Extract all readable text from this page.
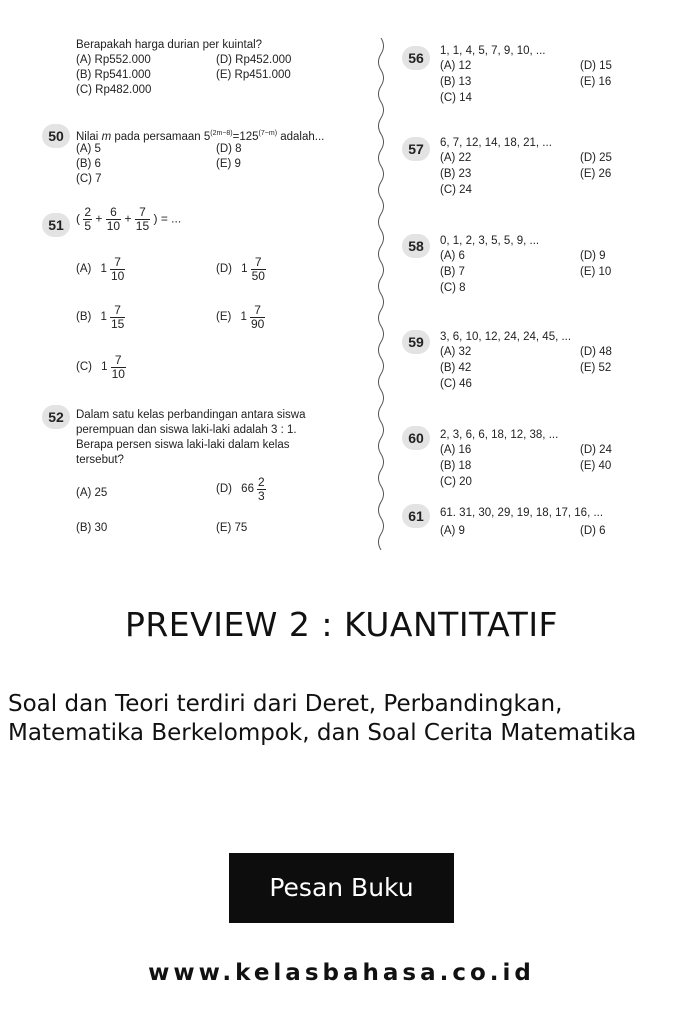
Berapakah harga durian per kuintal?
(A) Rp552.000
(B) Rp541.000
(C) Rp482.000
(D) Rp452.000
(E) Rp451.000
50	Nilai m pada persamaan $5^{(2m-8)}=125^{(7-m)}$ adalah...
(A) 5
(B) 6
(C) 7
(D) 8
(E) 9
51	( $\frac{2}{5} + \frac{6}{10} + \frac{7}{15}$ ) = ...
(A)
$1 \frac{7}{10}$
(B)
$1 \frac{7}{15}$
(C)
$1 \frac{7}{10}$
(D)
$1 \frac{7}{50}$
(E)
$1 \frac{7}{90}$
52	Dalam satu kelas perbandingan antara siswa
perempuan dan siswa laki-laki adalah 3 : 1.
Berapa persen siswa laki-laki dalam kelas
tersebut?
(A) 25
(B) 30
(D)
$66 \frac{2}{3}$
(E) 75
56	1, 1, 4, 5, 7, 9, 10, ...
(A) 12
(B) 13
(C) 14
(D) 15
(E) 16
57	6, 7, 12, 14, 18, 21, ...
(A) 22
(B) 23
(C) 24
(D) 25
(E) 26
58	0, 1, 2, 3, 5, 5, 9, ...
(A) 6
(B) 7
(C) 8
(D) 9
(E) 10
59	3, 6, 10, 12, 24, 24, 45, ...
(A) 32
(B) 42
(C) 46
(D) 48
(E) 52
60	2, 3, 6, 6, 18, 12, 38, ...
(A) 16
(B) 18
(C) 20
(D) 24
(E) 40
61	61. 31, 30, 29, 19, 18, 17, 16, ...
(A) 9	(D) 6
PREVIEW 2 : KUANTITATIF
Soal dan Teori terdiri dari Deret, Perbandingkan, Matematika Berkelompok, dan Soal Cerita Matematika
Pesan Buku
www.kelasbahasa.co.id
